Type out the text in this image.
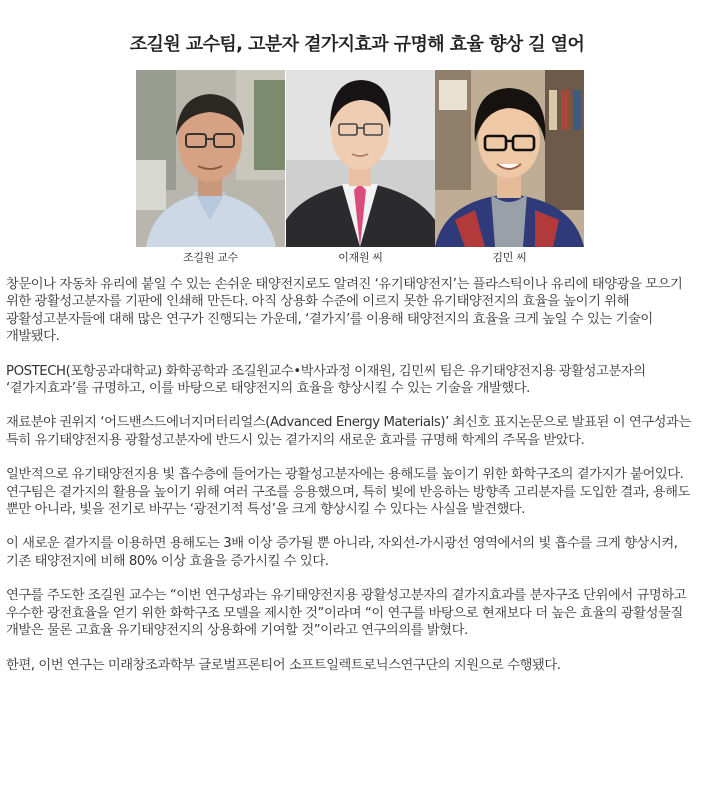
조길원 교수팀, 고분자 곁가지효과 규명해 효율 향상 길 열어
조길원 교수	이재원 씨	김민 씨

창문이나 자동차 유리에 붙일 수 있는 손쉬운 태양전지로도 알려진 ‘유기태양전지’는 플라스틱이나 유리에 태양광을 모으기 위한 광활성고분자를 기판에 인쇄해 만든다. 아직 상용화 수준에 이르지 못한 유기태양전지의 효율을 높이기 위해 광활성고분자들에 대해 많은 연구가 진행되는 가운데, ‘곁가지’를 이용해 태양전지의 효율을 크게 높일 수 있는 기술이 개발됐다.

POSTECH(포항공과대학교) 화학공학과 조길원교수•박사과정 이재원, 김민씨 팀은 유기태양전지용 광활성고분자의 ‘곁가지효과’를 규명하고, 이를 바탕으로 태양전지의 효율을 향상시킬 수 있는 기술을 개발했다.

재료분야 권위지 ‘어드밴스드에너지머터리얼스(Advanced Energy Materials)’ 최신호 표지논문으로 발표된 이 연구성과는 특히 유기태양전지용 광활성고분자에 반드시 있는 곁가지의 새로운 효과를 규명해 학계의 주목을 받았다.

일반적으로 유기태양전지용 빛 흡수층에 들어가는 광활성고분자에는 용해도를 높이기 위한 화학구조의 곁가지가 붙어있다. 연구팀은 곁가지의 활용을 높이기 위해 여러 구조를 응용했으며, 특히 빛에 반응하는 방향족 고리분자를 도입한 결과, 용해도 뿐만 아니라, 빛을 전기로 바꾸는 ‘광전기적 특성’을 크게 향상시킬 수 있다는 사실을 발견했다.

이 새로운 곁가지를 이용하면 용해도는 3배 이상 증가될 뿐 아니라, 자외선-가시광선 영역에서의 빛 흡수를 크게 향상시켜, 기존 태양전지에 비해 80% 이상 효율을 증가시킬 수 있다.

연구를 주도한 조길원 교수는 “이번 연구성과는 유기태양전지용 광활성고분자의 곁가지효과를 분자구조 단위에서 규명하고 우수한 광전효율을 얻기 위한 화학구조 모델을 제시한 것”이라며 “이 연구를 바탕으로 현재보다 더 높은 효율의 광활성물질 개발은 물론 고효율 유기태양전지의 상용화에 기여할 것”이라고 연구의의를 밝혔다.

한편, 이번 연구는 미래창조과학부 글로벌프론티어 소프트일렉트로닉스연구단의 지원으로 수행됐다.
